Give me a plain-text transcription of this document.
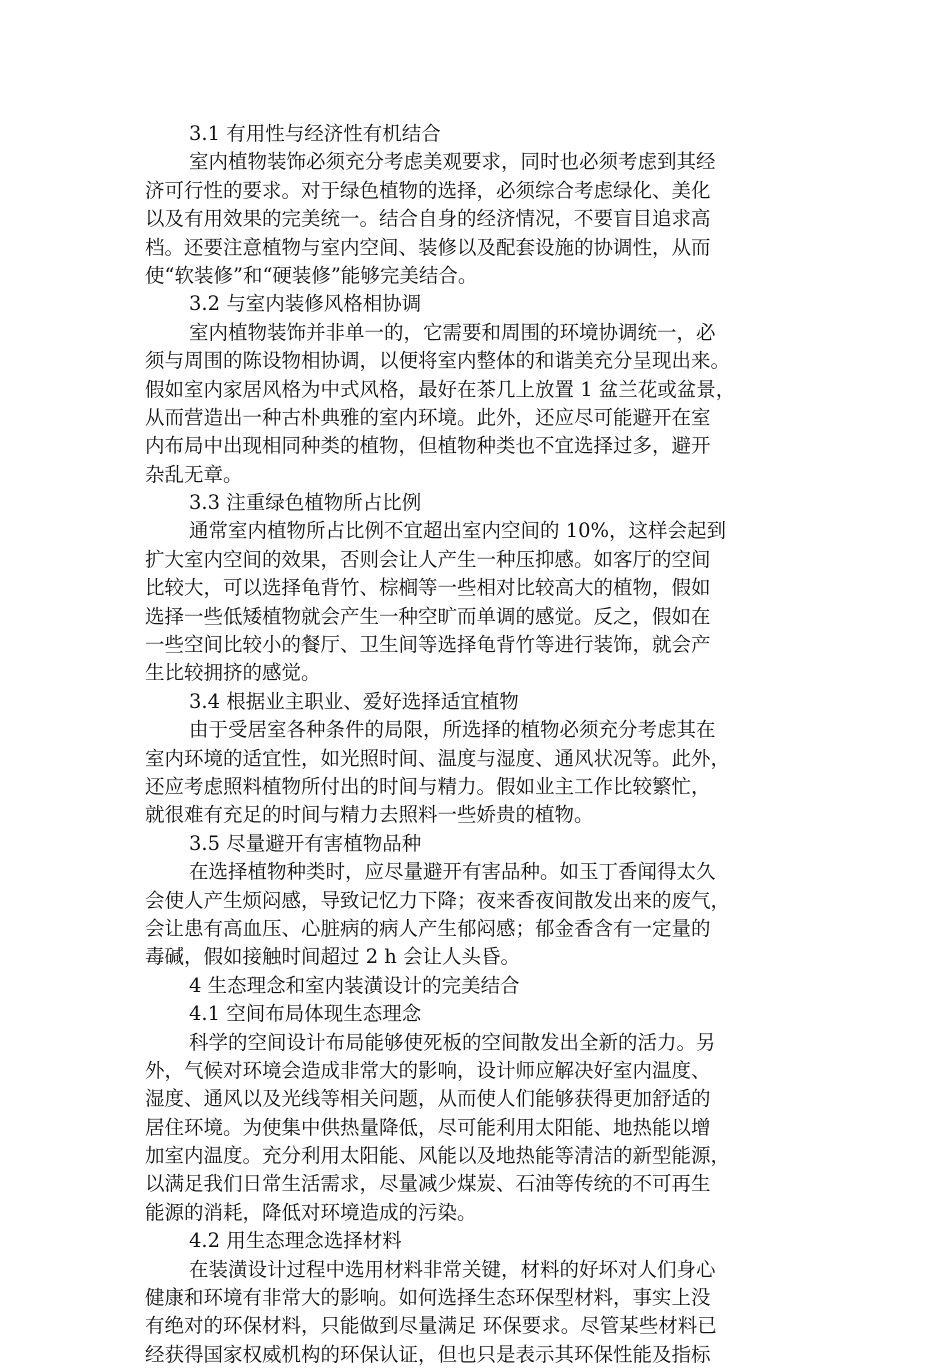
3.1 有用性与经济性有机结合

室内植物装饰必须充分考虑美观要求，同时也必须考虑到其经

济可行性的要求。对于绿色植物的选择，必须综合考虑绿化、美化

以及有用效果的完美统一。结合自身的经济情况，不要盲目追求高

档。还要注意植物与室内空间、装修以及配套设施的协调性，从而

使“软装修”和“硬装修”能够完美结合。

3.2 与室内装修风格相协调

室内植物装饰并非单一的，它需要和周围的环境协调统一，必

须与周围的陈设物相协调，以便将室内整体的和谐美充分呈现出来。

假如室内家居风格为中式风格，最好在茶几上放置 1 盆兰花或盆景，

从而营造出一种古朴典雅的室内环境。此外，还应尽可能避开在室

内布局中出现相同种类的植物，但植物种类也不宜选择过多，避开

杂乱无章。

3.3 注重绿色植物所占比例

通常室内植物所占比例不宜超出室内空间的 10%，这样会起到

扩大室内空间的效果，否则会让人产生一种压抑感。如客厅的空间

比较大，可以选择龟背竹、棕榈等一些相对比较高大的植物，假如

选择一些低矮植物就会产生一种空旷而单调的感觉。反之，假如在

一些空间比较小的餐厅、卫生间等选择龟背竹等进行装饰，就会产

生比较拥挤的感觉。

3.4 根据业主职业、爱好选择适宜植物

由于受居室各种条件的局限，所选择的植物必须充分考虑其在

室内环境的适宜性，如光照时间、温度与湿度、通风状况等。此外，

还应考虑照料植物所付出的时间与精力。假如业主工作比较繁忙，

就很难有充足的时间与精力去照料一些娇贵的植物。

3.5 尽量避开有害植物品种

在选择植物种类时，应尽量避开有害品种。如玉丁香闻得太久

会使人产生烦闷感，导致记忆力下降；夜来香夜间散发出来的废气，

会让患有高血压、心脏病的病人产生郁闷感；郁金香含有一定量的

毒碱，假如接触时间超过 2 h 会让人头昏。

4 生态理念和室内装潢设计的完美结合

4.1 空间布局体现生态理念

科学的空间设计布局能够使死板的空间散发出全新的活力。另

外，气候对环境会造成非常大的影响，设计师应解决好室内温度、

湿度、通风以及光线等相关问题，从而使人们能够获得更加舒适的

居住环境。为使集中供热量降低，尽可能利用太阳能、地热能以增

加室内温度。充分利用太阳能、风能以及地热能等清洁的新型能源，

以满足我们日常生活需求，尽量减少煤炭、石油等传统的不可再生

能源的消耗，降低对环境造成的污染。

4.2 用生态理念选择材料

在装潢设计过程中选用材料非常关键，材料的好坏对人们身心

健康和环境有非常大的影响。如何选择生态环保型材料，事实上没

有绝对的环保材料，只能做到尽量满足 环保要求。尽管某些材料已

经获得国家权威机构的环保认证，但也只是表示其环保性能及指标
